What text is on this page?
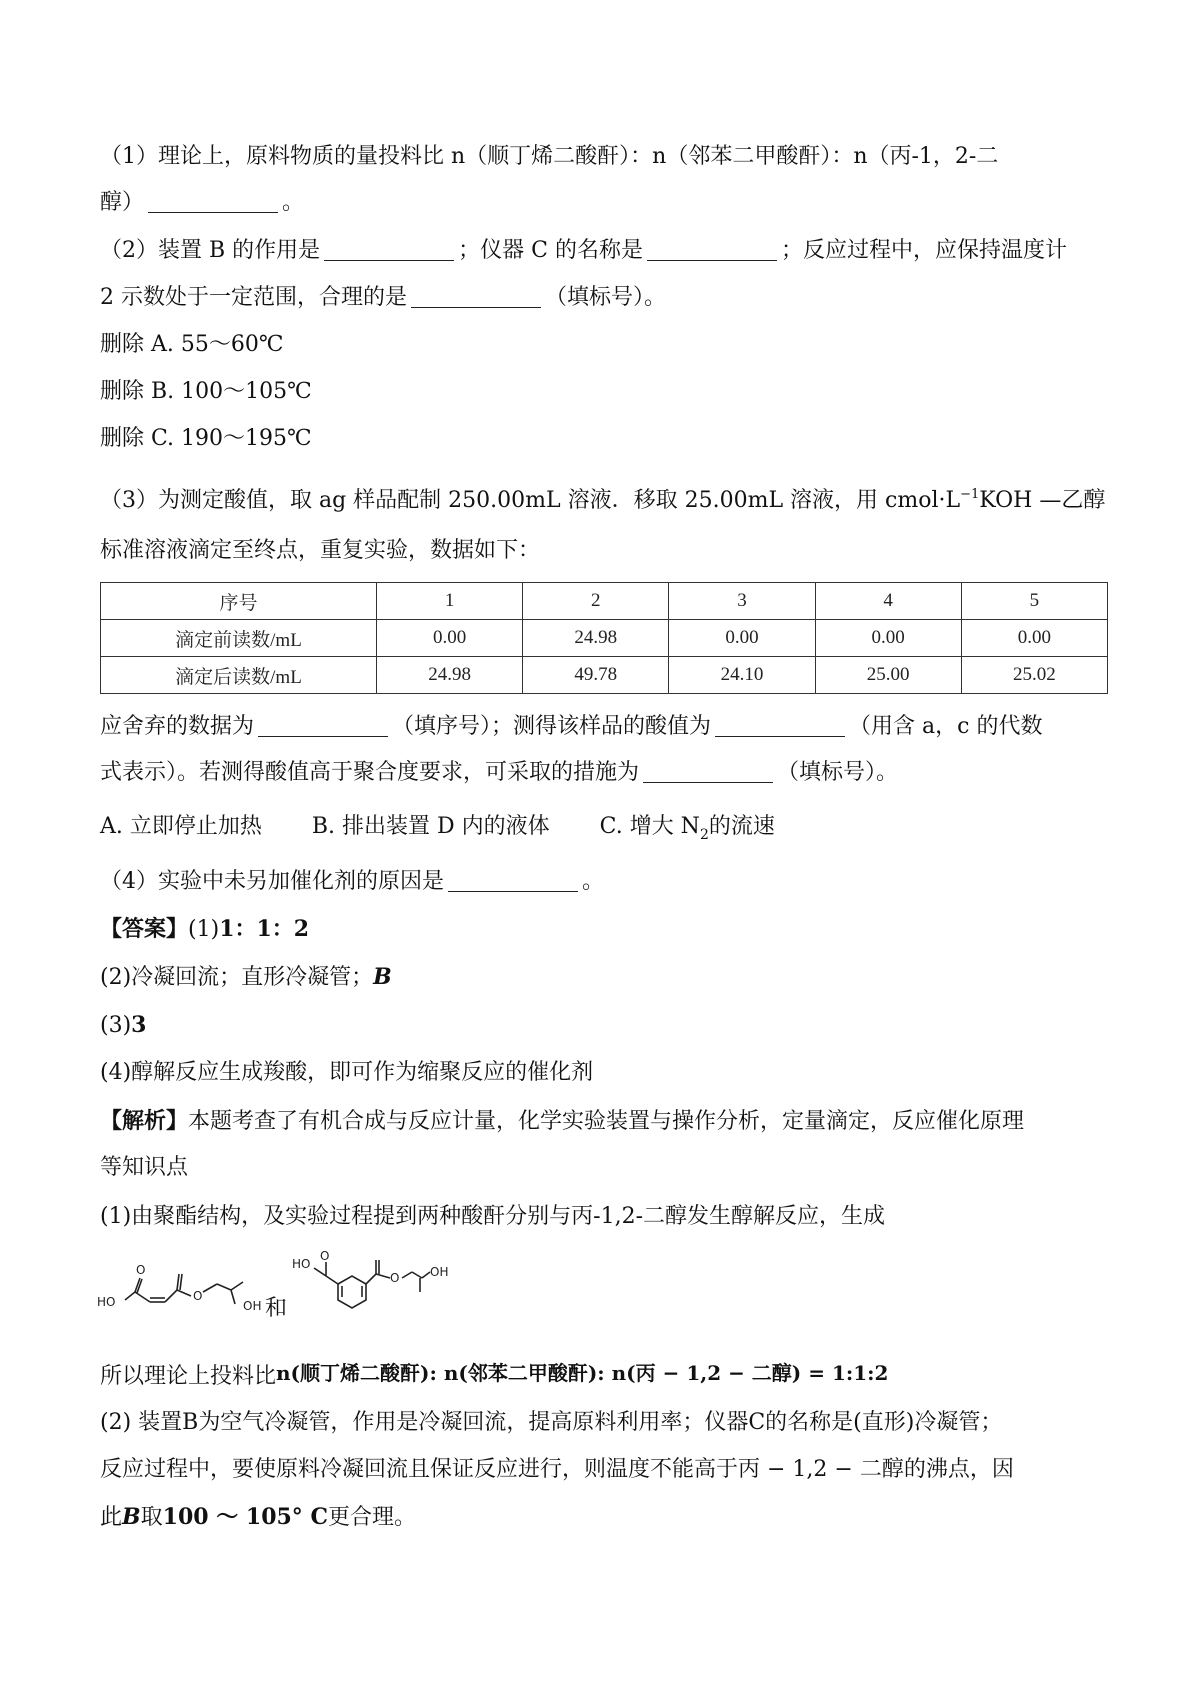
（1）理论上，原料物质的量投料比 n（顺丁烯二酸酐）：n（邻苯二甲酸酐）：n（丙-1，2-二
醇）	。
（2）装置 B 的作用是	；仪器 C 的名称是	；反应过程中，应保持温度计
2 示数处于一定范围，合理的是	（填标号）。
删除 A. 55～60℃
删除 B. 100～105℃
删除 C. 190～195℃
（3）为测定酸值，取 ag 样品配制 250.00mL 溶液．移取 25.00mL 溶液，用 $cmol\cdot L^{-1}KOH$ —乙醇
标准溶液滴定至终点，重复实验，数据如下：
序号	1	2	3	4	5
滴定前读数/mL	0.00	24.98	0.00	0.00	0.00
滴定后读数/mL	24.98	49.78	24.10	25.00	25.02
应舍弃的数据为	（填序号）；测得该样品的酸值为	（用含 a，c 的代数
式表示）。若测得酸值高于聚合度要求，可采取的措施为	（填标号）。
A. 立即停止加热 B. 排出装置 D 内的液体 C. 增大 $N_2$的流速
（4）实验中未另加催化剂的原因是	。
【答案】(1)1：1：2
(2)冷凝回流；直形冷凝管；B
(3)3
(4)醇解反应生成羧酸，即可作为缩聚反应的催化剂
【解析】本题考查了有机合成与反应计量，化学实验装置与操作分析，定量滴定，反应催化原理
等知识点
(1)由聚酯结构，及实验过程提到两种酸酐分别与丙-1,2-二醇发生醇解反应，生成
HO
O
O
OH 和
HO
O
O	OH
所以理论上投料比n(顺丁烯二酸酐): n(邻苯二甲酸酐): n(丙 − 1,2 − 二醇) = 1:1:2
(2) 装置B为空气冷凝管，作用是冷凝回流，提高原料利用率；仪器C的名称是(直形)冷凝管；
反应过程中，要使原料冷凝回流且保证反应进行，则温度不能高于丙 − 1,2 − 二醇的沸点，因
此B取100 ～ 105° C更合理。
